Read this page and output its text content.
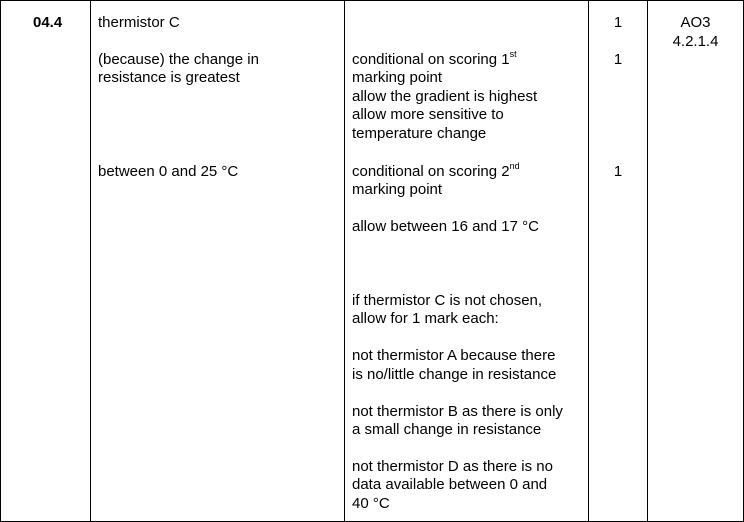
04.4 thermistor C
(because) the change in
resistance is greatest
between 0 and 25 °C
conditional on scoring 1st
marking point
allow the gradient is highest
allow more sensitive to
temperature change
conditional on scoring 2nd
marking point
allow between 16 and 17 °C
if thermistor C is not chosen,
allow for 1 mark each:
not thermistor A because there
is no/little change in resistance
not thermistor B as there is only
a small change in resistance
not thermistor D as there is no
data available between 0 and
40 °C
1
1
1
AO3
4.2.1.4
